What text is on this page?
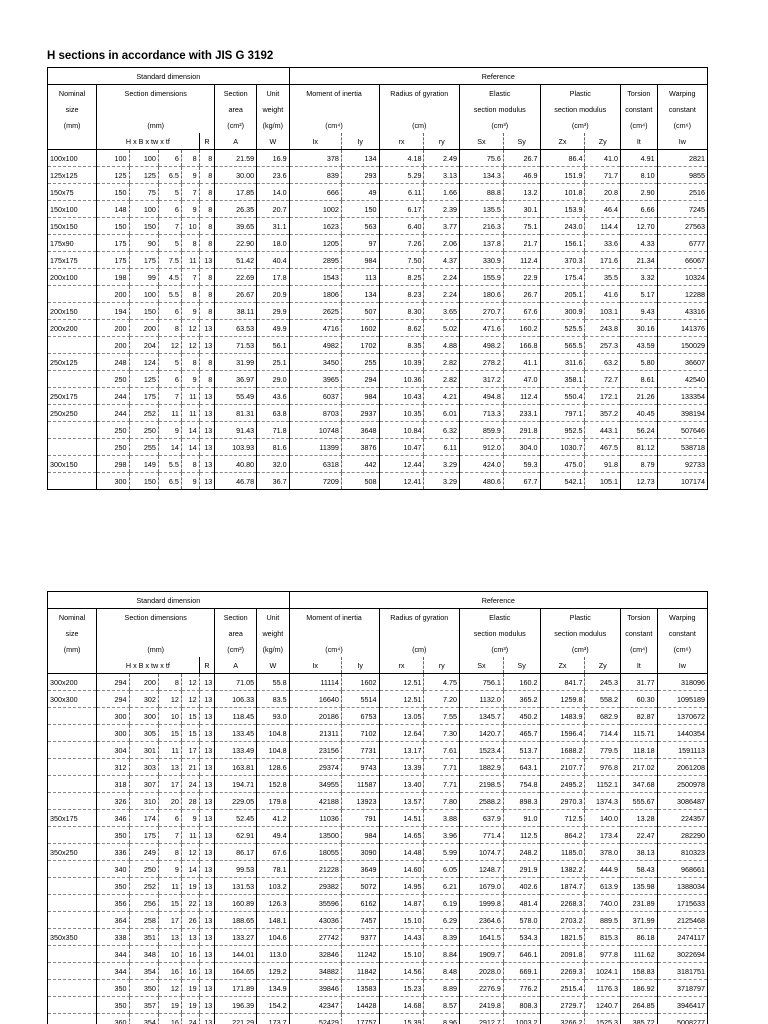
H sections in accordance with JIS G 3192
Standard dimension								Reference									
Nominal	Section dimensions					Section	Unit	Moment of inertia		Radius of gyration		Elastic		Plastic		Torsion	Warping
size						area	weight					section modulus		section modulus		constant	constant
(mm)	(mm)					(cm²)	(kg/m)	(cm⁴)		(cm)		(cm³)		(cm³)		(cm⁴)	(cm⁶)
	H x B x tw x tf				R	A	W	Ix	Iy	rx	ry	Sx	Sy	Zx	Zy	It	Iw
100x100	100	100	6	8	8	21.59	16.9	378	134	4.18	2.49	75.6	26.7	86.4	41.0	4.91	2821
125x125	125	125	6.5	9	8	30.00	23.6	839	293	5.29	3.13	134.3	46.9	151.9	71.7	8.10	9855
150x75	150	75	5	7	8	17.85	14.0	666	49	6.11	1.66	88.8	13.2	101.8	20.8	2.90	2516
150x100	148	100	6	9	8	26.35	20.7	1002	150	6.17	2.39	135.5	30.1	153.9	46.4	6.66	7245
150x150	150	150	7	10	8	39.65	31.1	1623	563	6.40	3.77	216.3	75.1	243.0	114.4	12.70	27563
175x90	175	90	5	8	8	22.90	18.0	1205	97	7.26	2.06	137.8	21.7	156.1	33.6	4.33	6777
175x175	175	175	7.5	11	13	51.42	40.4	2895	984	7.50	4.37	330.9	112.4	370.3	171.6	21.34	66067
200x100	198	99	4.5	7	8	22.69	17.8	1543	113	8.25	2.24	155.9	22.9	175.4	35.5	3.32	10324
	200	100	5.5	8	8	26.67	20.9	1806	134	8.23	2.24	180.6	26.7	205.1	41.6	5.17	12288
200x150	194	150	6	9	8	38.11	29.9	2625	507	8.30	3.65	270.7	67.6	300.9	103.1	9.43	43316
200x200	200	200	8	12	13	63.53	49.9	4716	1602	8.62	5.02	471.6	160.2	525.5	243.8	30.16	141376
	200	204	12	12	13	71.53	56.1	4982	1702	8.35	4.88	498.2	166.8	565.5	257.3	43.59	150029
250x125	248	124	5	8	8	31.99	25.1	3450	255	10.39	2.82	278.2	41.1	311.6	63.2	5.80	36607
	250	125	6	9	8	36.97	29.0	3965	294	10.36	2.82	317.2	47.0	358.1	72.7	8.61	42540
250x175	244	175	7	11	13	55.49	43.6	6037	984	10.43	4.21	494.8	112.4	550.4	172.1	21.26	133354
250x250	244	252	11	11	13	81.31	63.8	8703	2937	10.35	6.01	713.3	233.1	797.1	357.2	40.45	398194
	250	250	9	14	13	91.43	71.8	10748	3648	10.84	6.32	859.9	291.8	952.5	443.1	56.24	507646
	250	255	14	14	13	103.93	81.6	11399	3876	10.47	6.11	912.0	304.0	1030.7	467.5	81.12	538718
300x150	298	149	5.5	8	13	40.80	32.0	6318	442	12.44	3.29	424.0	59.3	475.0	91.8	8.79	92733
	300	150	6.5	9	13	46.78	36.7	7209	508	12.41	3.29	480.6	67.7	542.1	105.1	12.73	107174
Standard dimension								Reference									
Nominal	Section dimensions					Section	Unit	Moment of inertia		Radius of gyration		Elastic		Plastic		Torsion	Warping
size						area	weight					section modulus		section modulus		constant	constant
(mm)	(mm)					(cm²)	(kg/m)	(cm⁴)		(cm)		(cm³)		(cm³)		(cm⁴)	(cm⁶)
	H x B x tw x tf				R	A	W	Ix	Iy	rx	ry	Sx	Sy	Zx	Zy	It	Iw
300x200	294	200	8	12	13	71.05	55.8	11114	1602	12.51	4.75	756.1	160.2	841.7	245.3	31.77	318096
300x300	294	302	12	12	13	106.33	83.5	16640	5514	12.51	7.20	1132.0	365.2	1259.8	558.2	60.30	1095189
	300	300	10	15	13	118.45	93.0	20186	6753	13.05	7.55	1345.7	450.2	1483.9	682.9	82.87	1370672
	300	305	15	15	13	133.45	104.8	21311	7102	12.64	7.30	1420.7	465.7	1596.4	714.4	115.71	1440354
	304	301	11	17	13	133.49	104.8	23156	7731	13.17	7.61	1523.4	513.7	1688.2	779.5	118.18	1591113
	312	303	13	21	13	163.81	128.6	29374	9743	13.39	7.71	1882.9	643.1	2107.7	976.8	217.02	2061208
	318	307	17	24	13	194.71	152.8	34955	11587	13.40	7.71	2198.5	754.8	2495.2	1152.1	347.68	2500978
	326	310	20	28	13	229.05	179.8	42188	13923	13.57	7.80	2588.2	898.3	2970.3	1374.3	555.67	3086487
350x175	346	174	6	9	13	52.45	41.2	11036	791	14.51	3.88	637.9	91.0	712.5	140.0	13.28	224357
	350	175	7	11	13	62.91	49.4	13500	984	14.65	3.96	771.4	112.5	864.2	173.4	22.47	282290
350x250	336	249	8	12	13	86.17	67.6	18055	3090	14.48	5.99	1074.7	248.2	1185.0	378.0	38.13	810323
	340	250	9	14	13	99.53	78.1	21228	3649	14.60	6.05	1248.7	291.9	1382.2	444.9	58.43	968661
	350	252	11	19	13	131.53	103.2	29382	5072	14.95	6.21	1679.0	402.6	1874.7	613.9	135.98	1388034
	356	256	15	22	13	160.89	126.3	35596	6162	14.87	6.19	1999.8	481.4	2268.3	740.0	231.89	1715633
	364	258	17	26	13	188.65	148.1	43036	7457	15.10	6.29	2364.6	578.0	2703.2	889.5	371.99	2125468
350x350	338	351	13	13	13	133.27	104.6	27742	9377	14.43	8.39	1641.5	534.3	1821.5	815.3	86.18	2474117
	344	348	10	16	13	144.01	113.0	32846	11242	15.10	8.84	1909.7	646.1	2091.8	977.8	111.62	3022694
	344	354	16	16	13	164.65	129.2	34882	11842	14.56	8.48	2028.0	669.1	2269.3	1024.1	158.83	3181751
	350	350	12	19	13	171.89	134.9	39846	13583	15.23	8.89	2276.9	776.2	2515.4	1176.3	186.92	3718797
	350	357	19	19	13	196.39	154.2	42347	14428	14.68	8.57	2419.8	808.3	2729.7	1240.7	264.85	3946417
	360	354	16	24	13	221.29	173.7	52429	17757	15.39	8.96	2912.7	1003.2	3266.2	1525.3	385.72	5008277
